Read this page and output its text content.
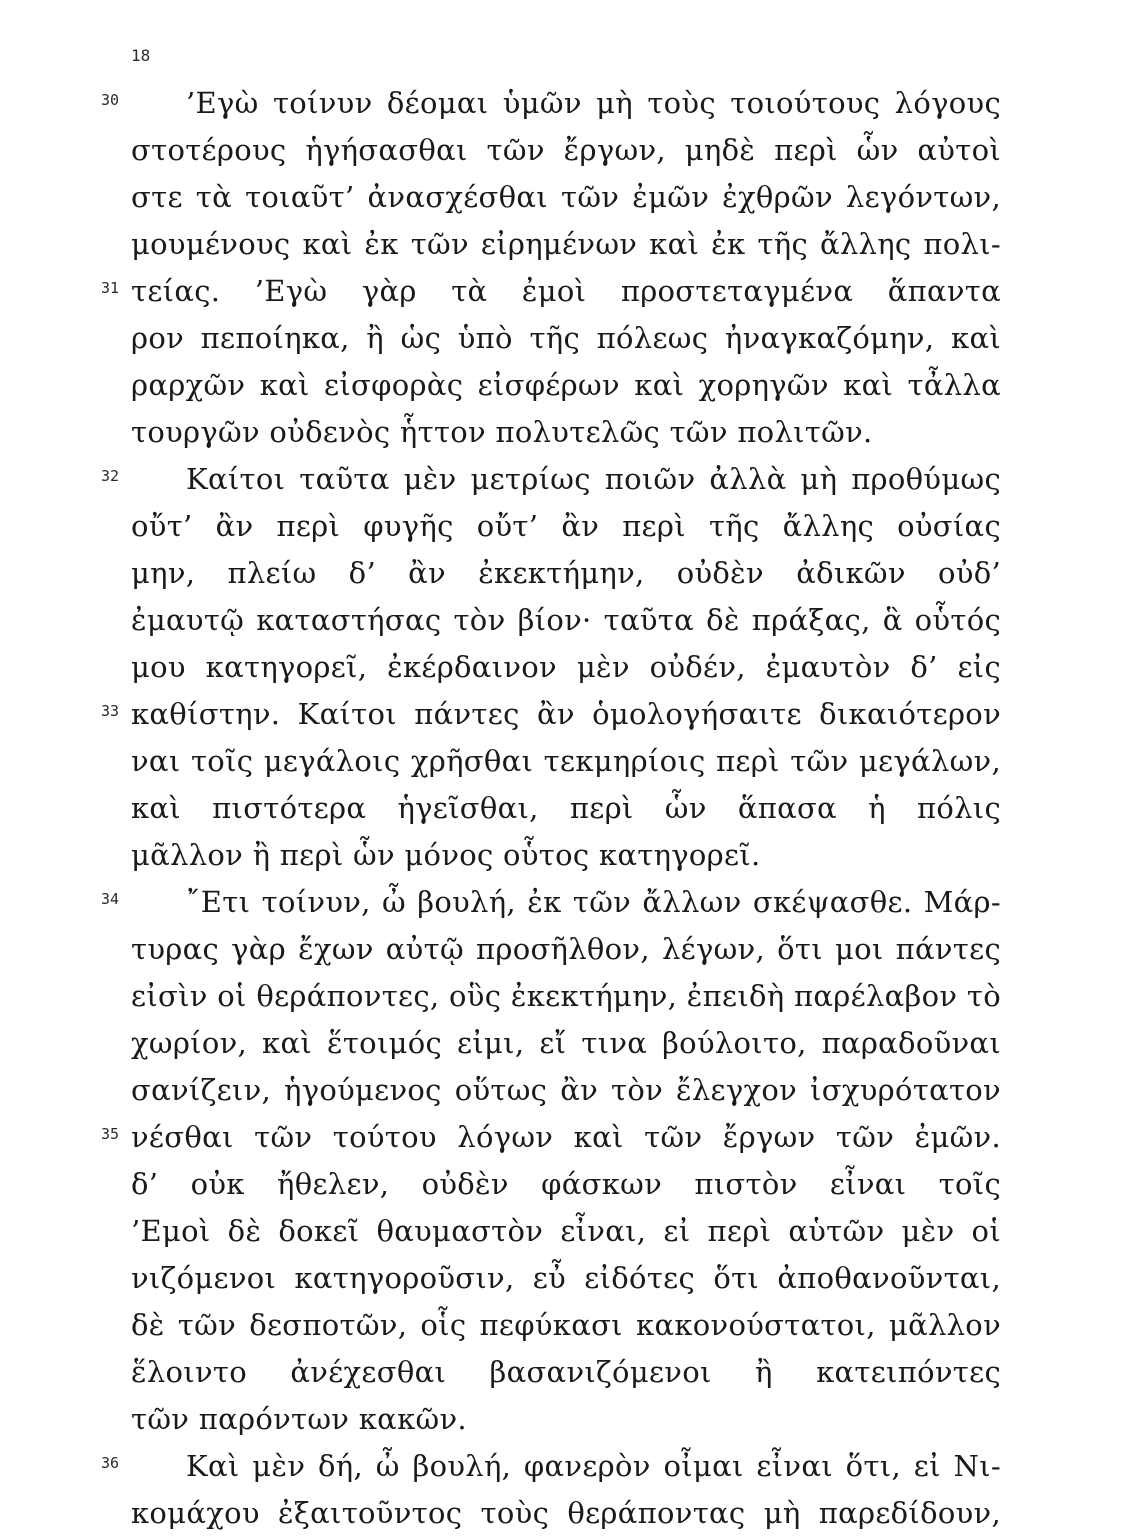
18
30	’Εγὼ τοίνυν δέομαι ὑμῶν μὴ τοὺς τοιούτους λόγους
στοτέρους ἡγήσασθαι τῶν ἔργων, μηδὲ περὶ ὧν αὐτοὶ
στε τὰ τοιαῦτ’ ἀνασχέσθαι τῶν ἐμῶν ἐχθρῶν λεγόντων,
μουμένους καὶ ἐκ τῶν εἰρημένων καὶ ἐκ τῆς ἄλλης πολι-
31 τείας. ’Εγὼ γὰρ τὰ ἐμοὶ προστεταγμένα ἅπαντα
ρον πεποίηκα, ἢ ὡς ὑπὸ τῆς πόλεως ἠναγκαζόμην, καὶ
ραρχῶν καὶ εἰσφορὰς εἰσφέρων καὶ χορηγῶν καὶ τἆλλα
τουργῶν οὐδενὸς ἧττον πολυτελῶς τῶν πολιτῶν.
32	Καίτοι ταῦτα μὲν μετρίως ποιῶν ἀλλὰ μὴ προθύμως
οὔτ’ ἂν περὶ φυγῆς οὔτ’ ἂν περὶ τῆς ἄλλης οὐσίας
μην, πλείω δ’ ἂν ἐκεκτήμην, οὐδὲν ἀδικῶν οὐδ’
ἐμαυτῷ καταστήσας τὸν βίον· ταῦτα δὲ πράξας, ἃ οὗτός
μου κατηγορεῖ, ἐκέρδαινον μὲν οὐδέν, ἐμαυτὸν δ’ εἰς
33 καθίστην. Καίτοι πάντες ἂν ὁμολογήσαιτε δικαιότερον
ναι τοῖς μεγάλοις χρῆσθαι τεκμηρίοις περὶ τῶν μεγάλων,
καὶ πιστότερα ἡγεῖσθαι, περὶ ὧν ἅπασα ἡ πόλις
μᾶλλον ἢ περὶ ὧν μόνος οὗτος κατηγορεῖ.
34	῎Ετι τοίνυν, ὦ βουλή, ἐκ τῶν ἄλλων σκέψασθε. Μάρ-
τυρας γὰρ ἔχων αὐτῷ προσῆλθον, λέγων, ὅτι μοι πάντες
εἰσὶν οἱ θεράποντες, οὓς ἐκεκτήμην, ἐπειδὴ παρέλαβον τὸ
χωρίον, καὶ ἕτοιμός εἰμι, εἴ τινα βούλοιτο, παραδοῦναι
σανίζειν, ἡγούμενος οὕτως ἂν τὸν ἔλεγχον ἰσχυρότατον
35 νέσθαι τῶν τούτου λόγων καὶ τῶν ἔργων τῶν ἐμῶν.
δ’ οὐκ ἤθελεν, οὐδὲν φάσκων πιστὸν εἶναι τοῖς
’Εμοὶ δὲ δοκεῖ θαυμαστὸν εἶναι, εἰ περὶ αὑτῶν μὲν οἱ
νιζόμενοι κατηγοροῦσιν, εὖ εἰδότες ὅτι ἀποθανοῦνται,
δὲ τῶν δεσποτῶν, οἷς πεφύκασι κακονούστατοι, μᾶλλον
ἕλοιντο ἀνέχεσθαι βασανιζόμενοι ἢ κατειπόντες
τῶν παρόντων κακῶν.
36	Καὶ μὲν δή, ὦ βουλή, φανερὸν οἶμαι εἶναι ὅτι, εἰ Νι-
κομάχου ἐξαιτοῦντος τοὺς θεράποντας μὴ παρεδίδουν,
